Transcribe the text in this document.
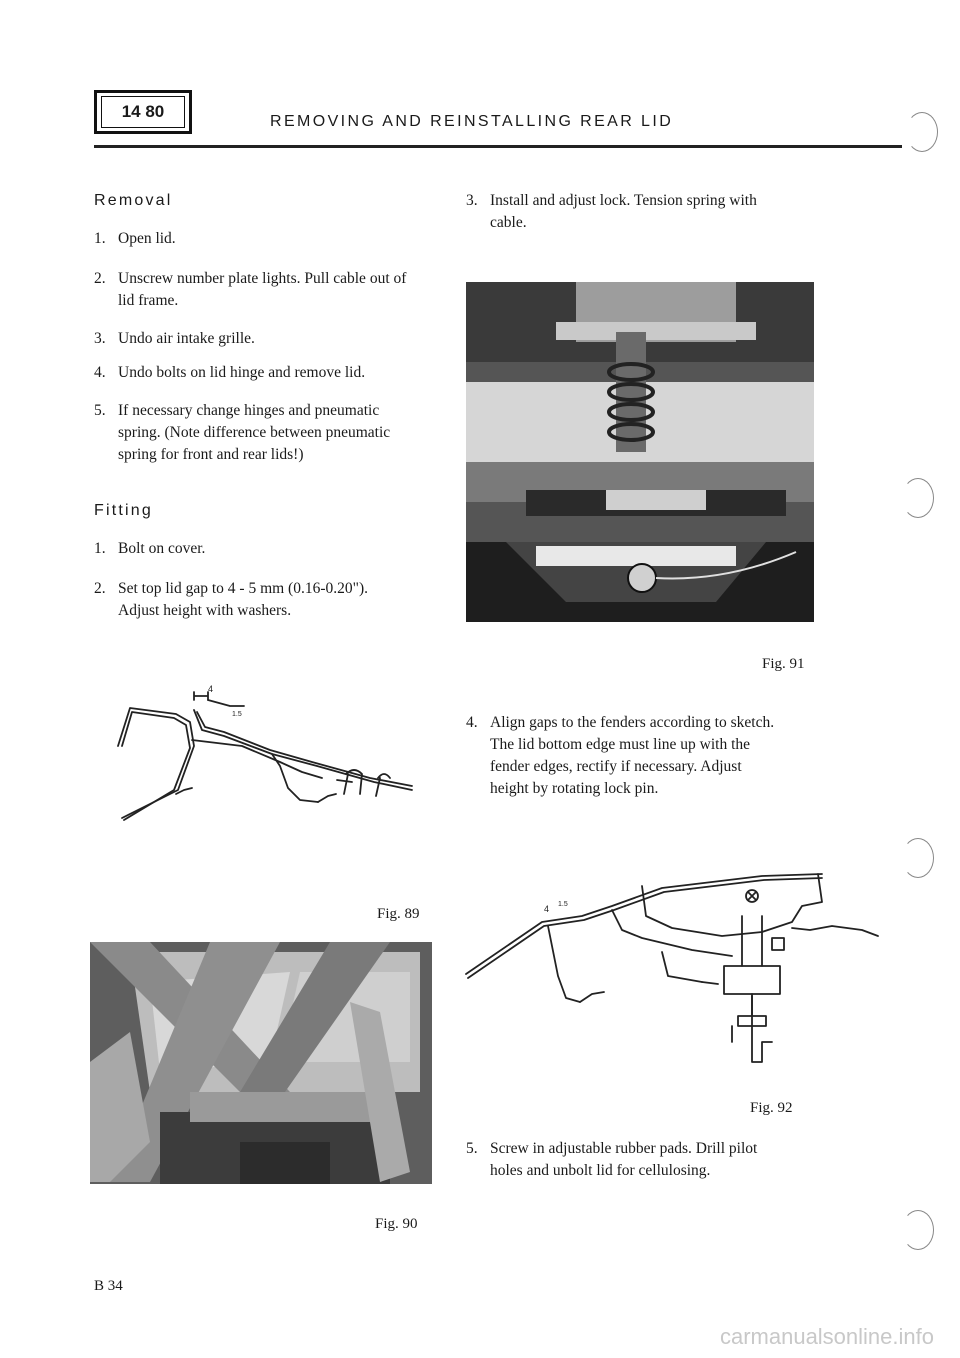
14 80
REMOVING AND REINSTALLING REAR LID
Removal
1. Open lid.
2. Unscrew number plate lights. Pull cable out of
lid frame.
3. Undo air intake grille.
4. Undo bolts on lid hinge and remove lid.
5. If necessary change hinges and pneumatic
spring. (Note difference between pneumatic
spring for front and rear lids!)
Fitting
1. Bolt on cover.
2. Set top lid gap to 4 - 5 mm (0.16-0.20").
Adjust height with washers.
4
1.5
Fig. 89
Fig. 90
3. Install and adjust lock. Tension spring with
cable.
Fig. 91
4. Align gaps to the fenders according to sketch.
The lid bottom edge must line up with the
fender edges, rectify if necessary. Adjust
height by rotating lock pin.
4 1.5
Fig. 92
5. Screw in adjustable rubber pads. Drill pilot
holes and unbolt lid for cellulosing.
B 34
carmanualsonline.info
